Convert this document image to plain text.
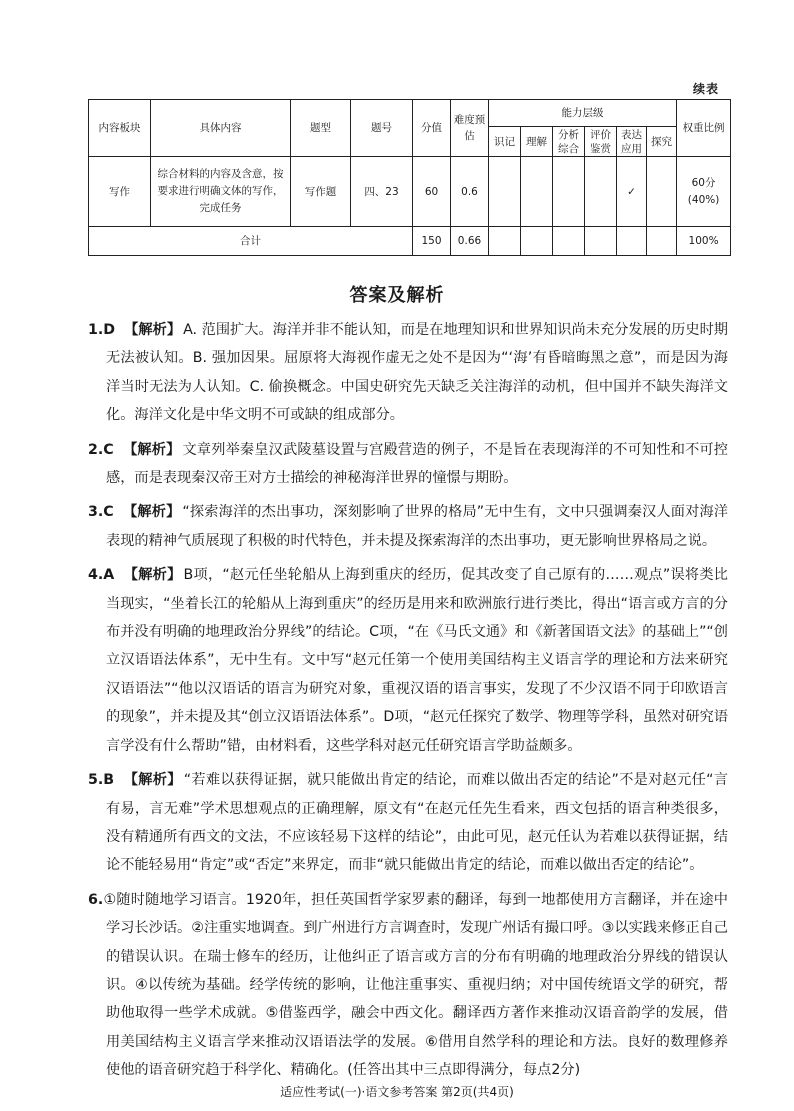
续表
内容板块	具体内容	题型	题号	分值	难度预估	能力层级						权重比例
						识记	理解	分析综合	评价鉴赏	表达应用	探究	
写作	综合材料的内容及含意，按要求进行明确文体的写作，完成任务	写作题	四、23	60	0.6					✓		60分(40%)
合计				150	0.66							100%
答案及解析

1.D 【解析】 A. 范围扩大。海洋并非不能认知，而是在地理知识和世界知识尚未充分发展的历史时期无法被认知。B. 强加因果。屈原将大海视作虚无之处不是因为“‘海’有昏暗晦黑之意”，而是因为海洋当时无法为人认知。C. 偷换概念。中国史研究先天缺乏关注海洋的动机，但中国并不缺失海洋文化。海洋文化是中华文明不可或缺的组成部分。

2.C 【解析】 文章列举秦皇汉武陵墓设置与宫殿营造的例子，不是旨在表现海洋的不可知性和不可控感，而是表现秦汉帝王对方士描绘的神秘海洋世界的憧憬与期盼。

3.C 【解析】 “探索海洋的杰出事功，深刻影响了世界的格局”无中生有，文中只强调秦汉人面对海洋表现的精神气质展现了积极的时代特色，并未提及探索海洋的杰出事功，更无影响世界格局之说。

4.A 【解析】 B项，“赵元任坐轮船从上海到重庆的经历，促其改变了自己原有的……观点”误将类比当现实，“坐着长江的轮船从上海到重庆”的经历是用来和欧洲旅行进行类比，得出“语言或方言的分布并没有明确的地理政治分界线”的结论。C项，“在《马氏文通》和《新著国语文法》的基础上”“创立汉语语法体系”，无中生有。文中写“赵元任第一个使用美国结构主义语言学的理论和方法来研究汉语语法”“他以汉语话的语言为研究对象，重视汉语的语言事实，发现了不少汉语不同于印欧语言的现象”，并未提及其“创立汉语语法体系”。D项，“赵元任探究了数学、物理等学科，虽然对研究语言学没有什么帮助”错，由材料看，这些学科对赵元任研究语言学助益颇多。

5.B 【解析】 “若难以获得证据，就只能做出肯定的结论，而难以做出否定的结论”不是对赵元任“言有易，言无难”学术思想观点的正确理解，原文有“在赵元任先生看来，西文包括的语言种类很多，没有精通所有西文的文法，不应该轻易下这样的结论”，由此可见，赵元任认为若难以获得证据，结论不能轻易用“肯定”或“否定”来界定，而非“就只能做出肯定的结论，而难以做出否定的结论”。

6.①随时随地学习语言。1920年，担任英国哲学家罗素的翻译，每到一地都使用方言翻译，并在途中学习长沙话。②注重实地调查。到广州进行方言调查时，发现广州话有撮口呼。③以实践来修正自己的错误认识。在瑞士修车的经历，让他纠正了语言或方言的分布有明确的地理政治分界线的错误认识。④以传统为基础。经学传统的影响，让他注重事实、重视归纳；对中国传统语文学的研究，帮助他取得一些学术成就。⑤借鉴西学，融会中西文化。翻译西方著作来推动汉语音韵学的发展，借用美国结构主义语言学来推动汉语语法学的发展。⑥借用自然学科的理论和方法。良好的数理修养使他的语音研究趋于科学化、精确化。(任答出其中三点即得满分，每点2分)

适应性考试(一)·语文参考答案 第2页(共4页)
